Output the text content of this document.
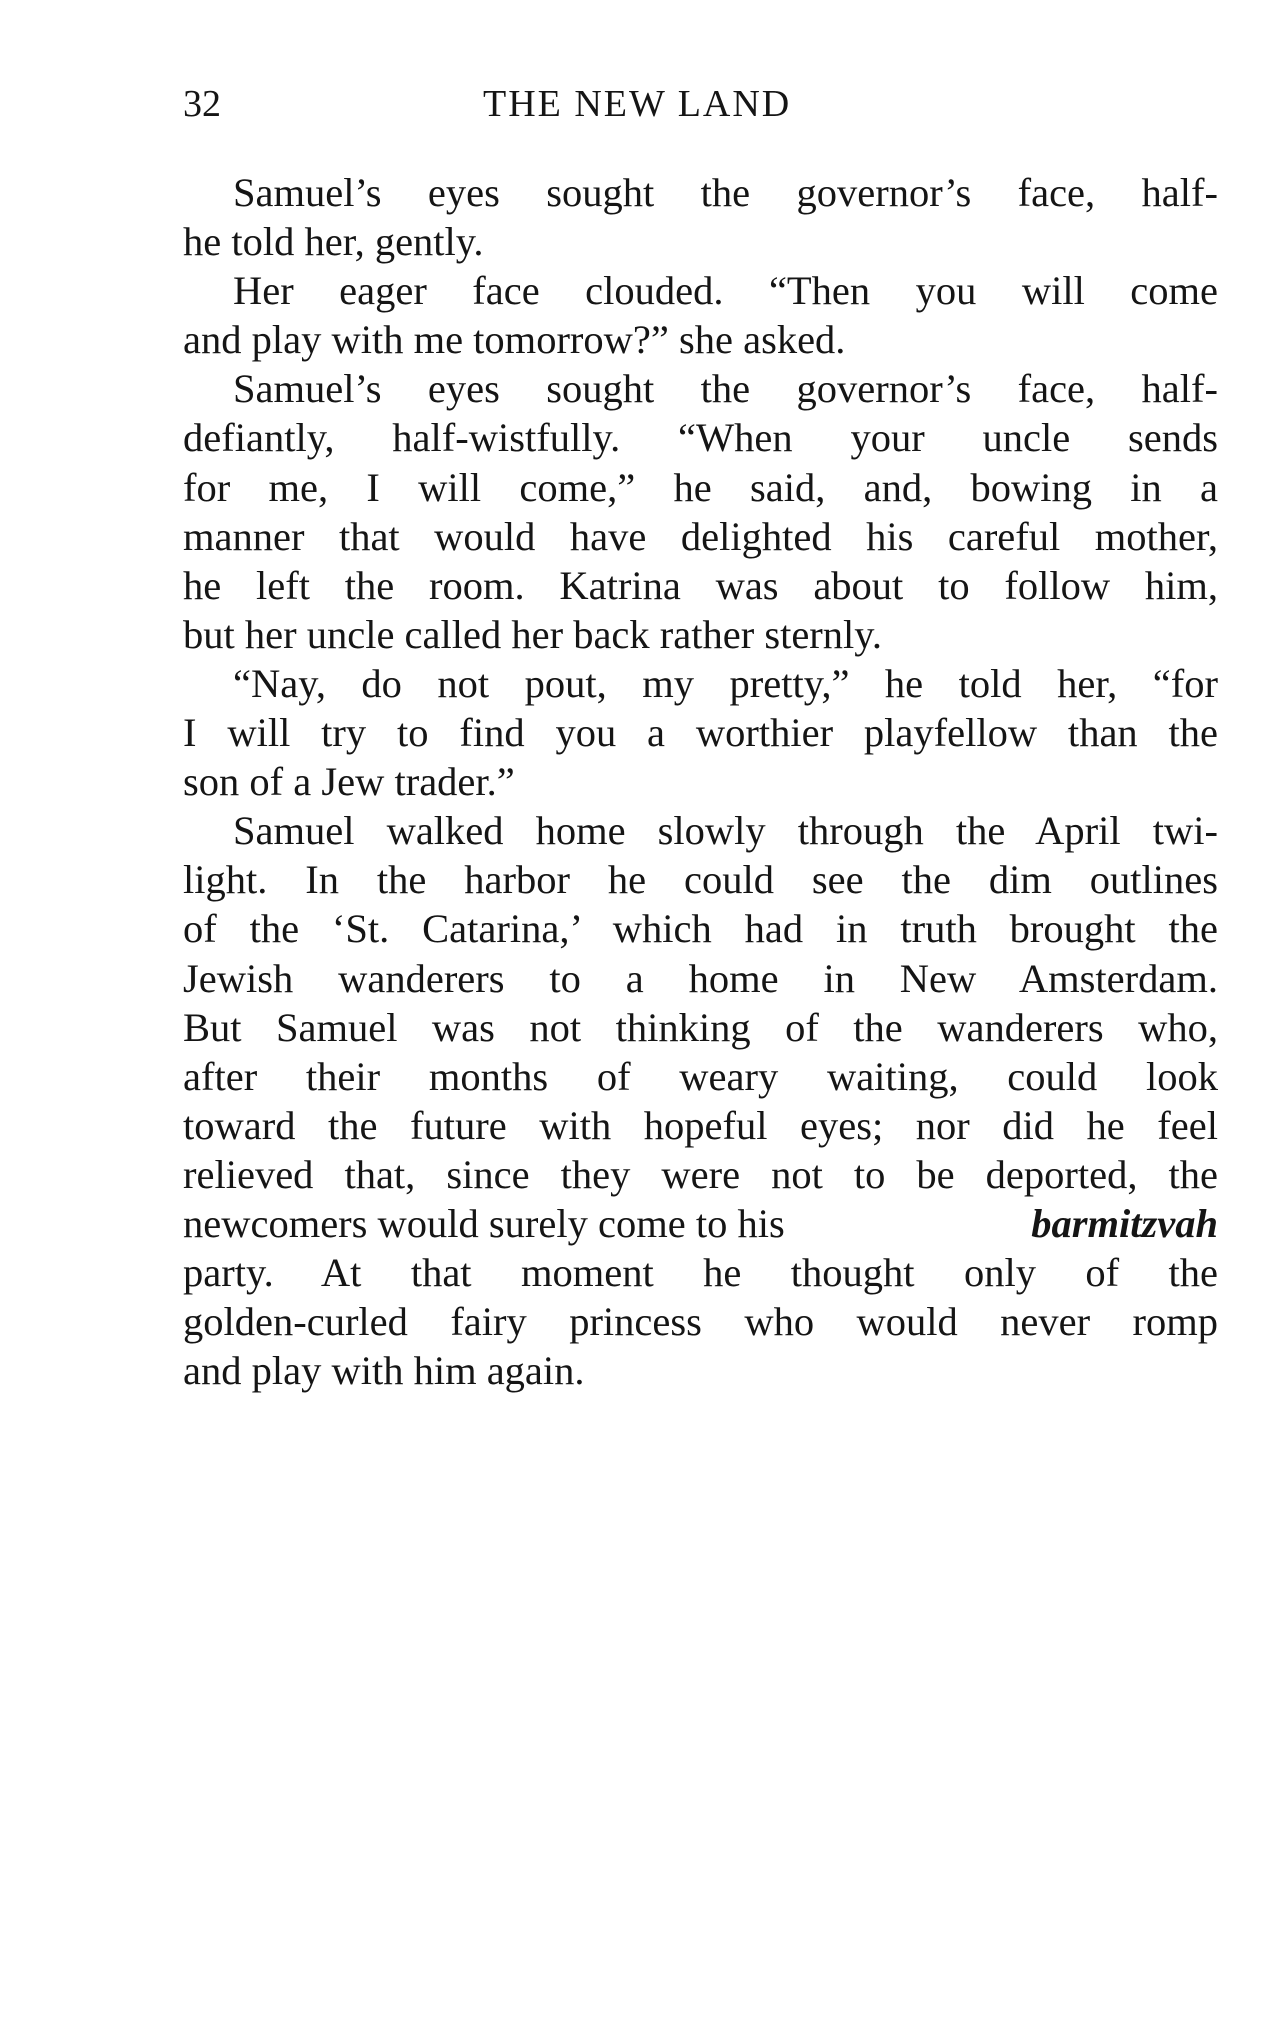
32	THE NEW LAND
Samuel’s eyes sought the governor’s face, half-
he told her, gently.
Her eager face clouded. “Then you will come
and play with me tomorrow?” she asked.
Samuel’s eyes sought the governor’s face, half-
defiantly, half-wistfully. “When your uncle sends
for me, I will come,” he said, and, bowing in a
manner that would have delighted his careful mother,
he left the room. Katrina was about to follow him,
but her uncle called her back rather sternly.
“Nay, do not pout, my pretty,” he told her, “for
I will try to find you a worthier playfellow than the
son of a Jew trader.”
Samuel walked home slowly through the April twi-
light. In the harbor he could see the dim outlines
of the ‘St. Catarina,’ which had in truth brought the
Jewish wanderers to a home in New Amsterdam.
But Samuel was not thinking of the wanderers who,
after their months of weary waiting, could look
toward the future with hopeful eyes; nor did he feel
relieved that, since they were not to be deported, the
newcomers would surely come to his	barmitzvah
party. At that moment he thought only of the
golden-curled fairy princess who would never romp
and play with him again.
